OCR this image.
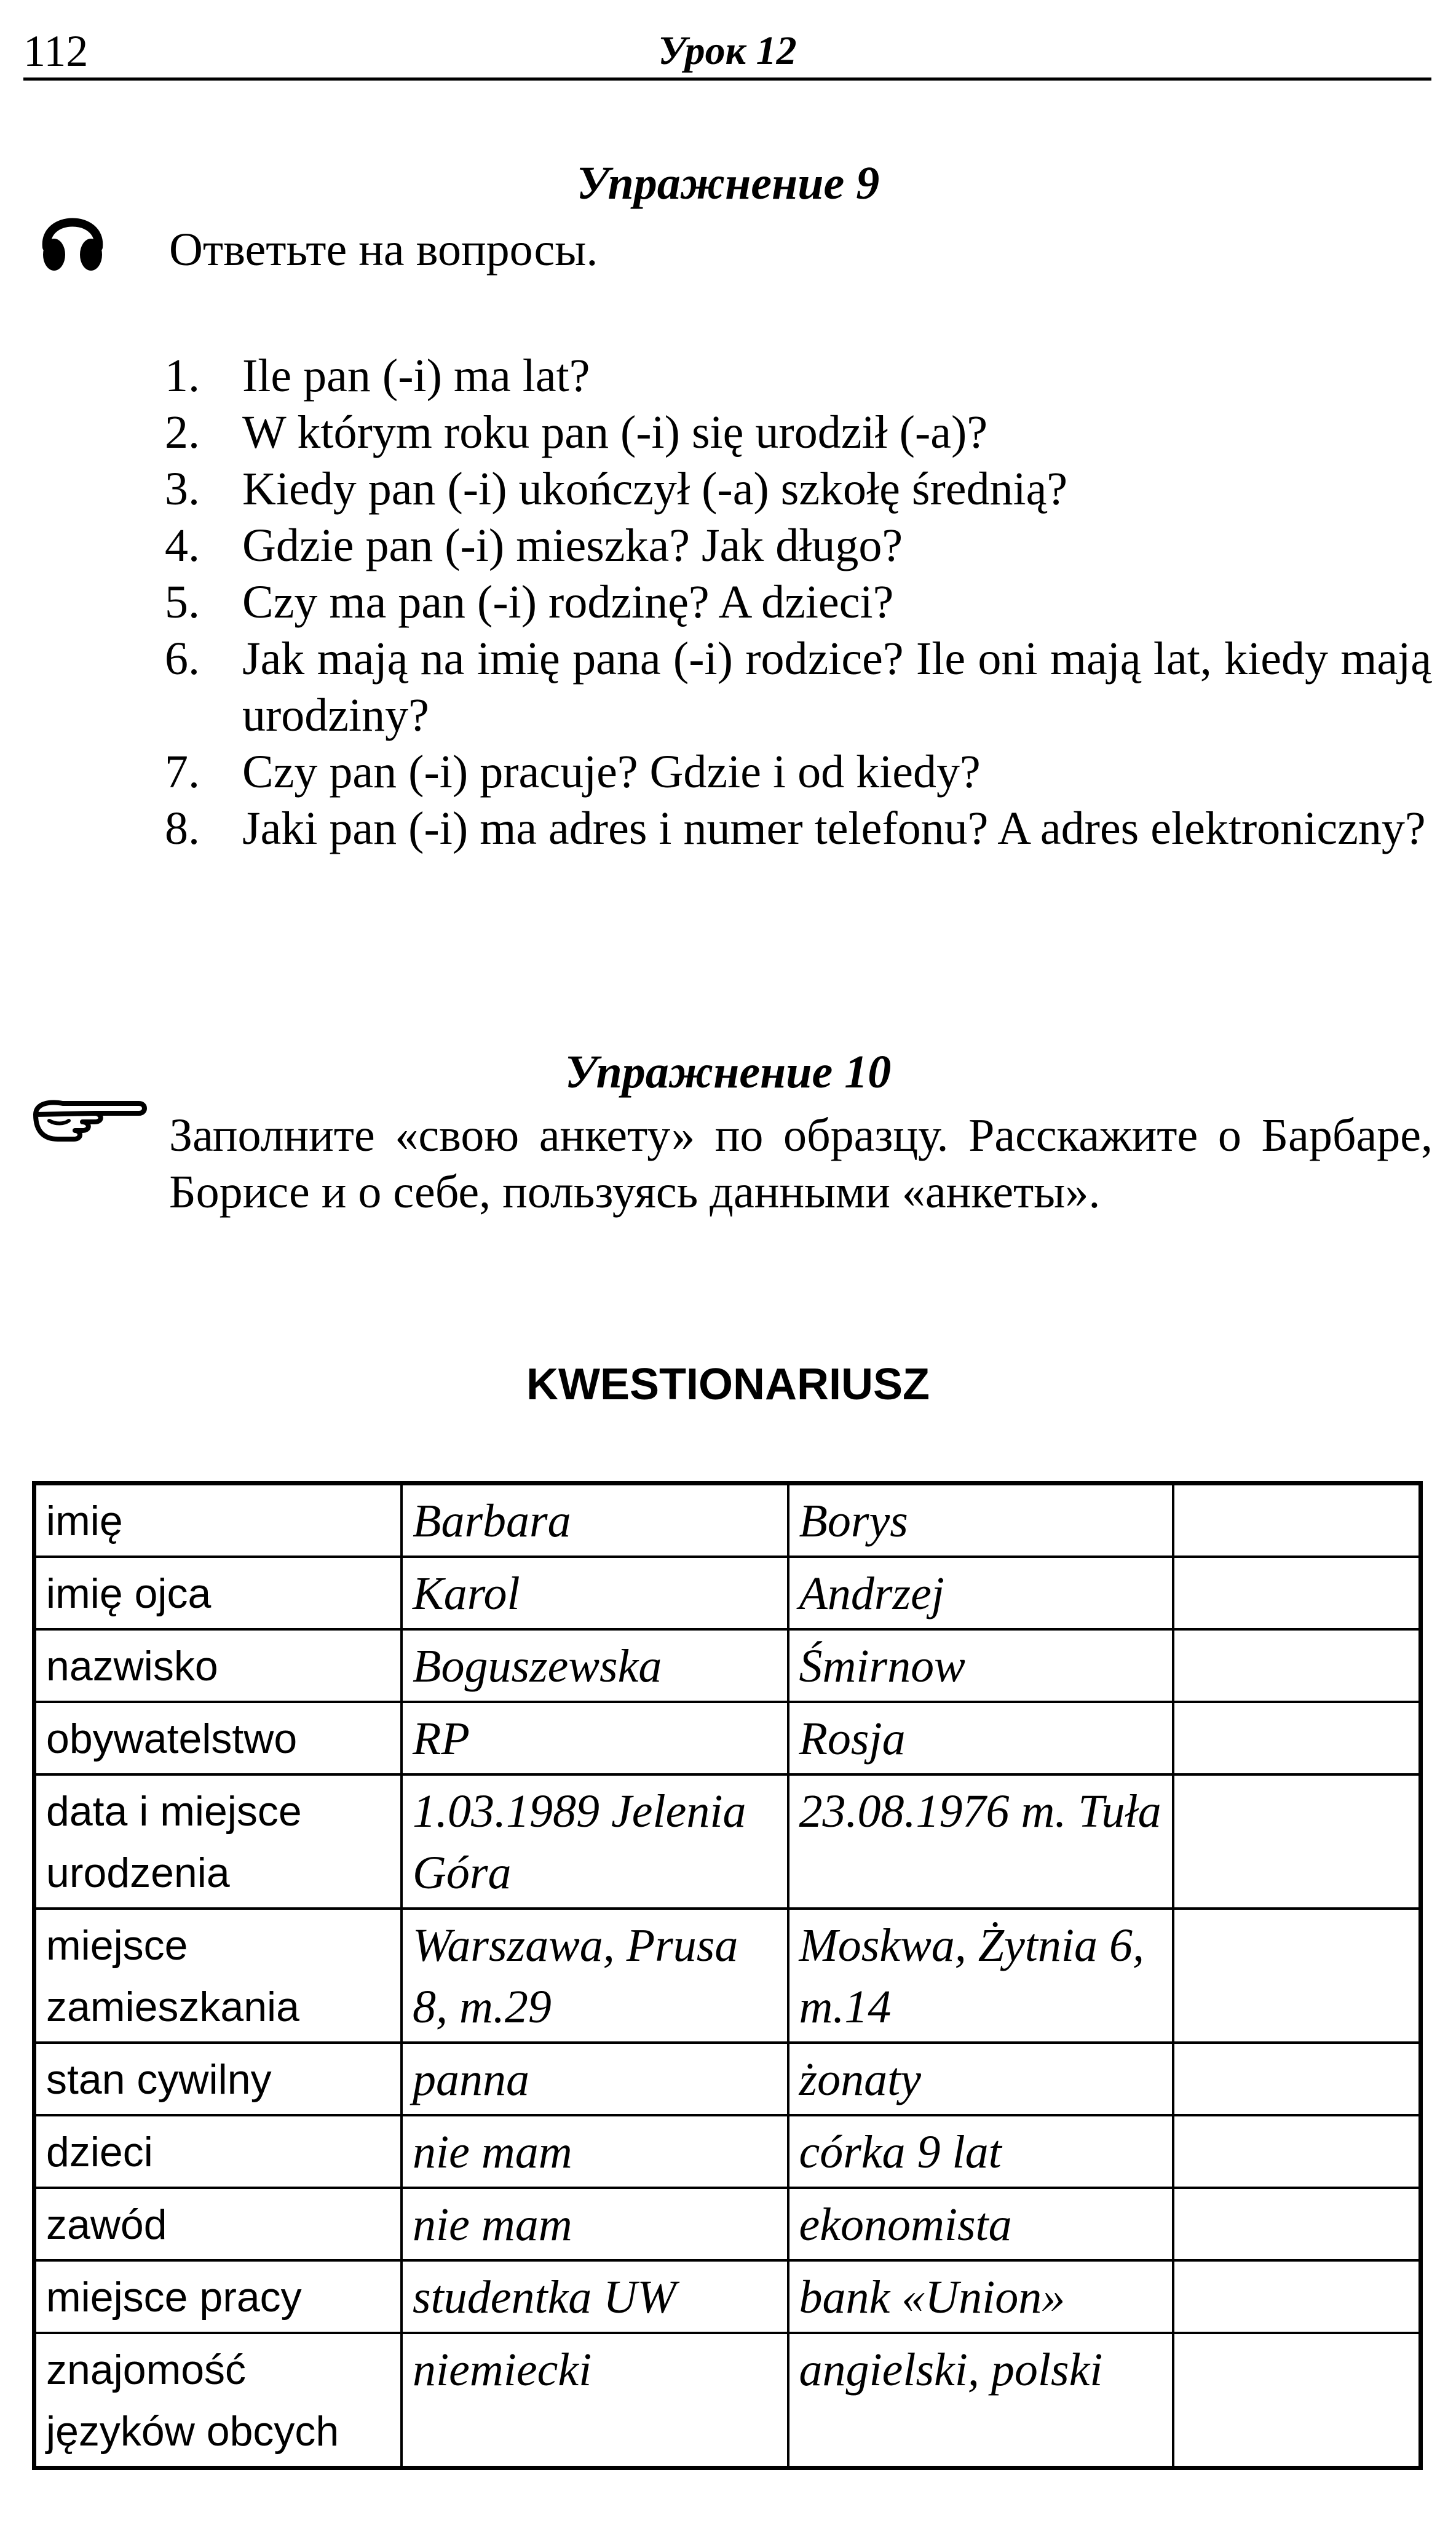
112	Урок 12
Упражнение 9
Ответьте на вопросы.
1. Ile pan (-i) ma lat?
2. W którym roku pan (-i) się urodził (-a)?
3. Kiedy pan (-i) ukończył (-a) szkołę średnią?
4. Gdzie pan (-i) mieszka? Jak długo?
5. Czy ma pan (-i) rodzinę? A dzieci?
6. Jak mają na imię pana (-i) rodzice? Ile oni mają lat, kiedy mają urodziny?
7. Czy pan (-i) pracuje? Gdzie i od kiedy?
8. Jaki pan (-i) ma adres i numer telefonu? A adres elektroniczny?
Упражнение 10
Заполните «свою анкету» по образцу. Расскажите о Барбаре, Борисе и о себе, пользуясь данными «анкеты».
KWESTIONARIUSZ
imię	Barbara	Borys	
imię ojca	Karol	Andrzej	
nazwisko	Boguszewska	Śmirnow	
obywatelstwo	RP	Rosja	
data i miejsce urodzenia	1.03.1989 Jelenia Góra	23.08.1976 m. Tuła	
miejsce zamieszkania	Warszawa, Prusa 8, m.29	Moskwa, Żytnia 6, m.14	
stan cywilny	panna	żonaty	
dzieci	nie mam	córka 9 lat	
zawód	nie mam	ekonomista	
miejsce pracy	studentka UW	bank «Union»	
znajomość języków obcych	niemiecki	angielski, polski	
